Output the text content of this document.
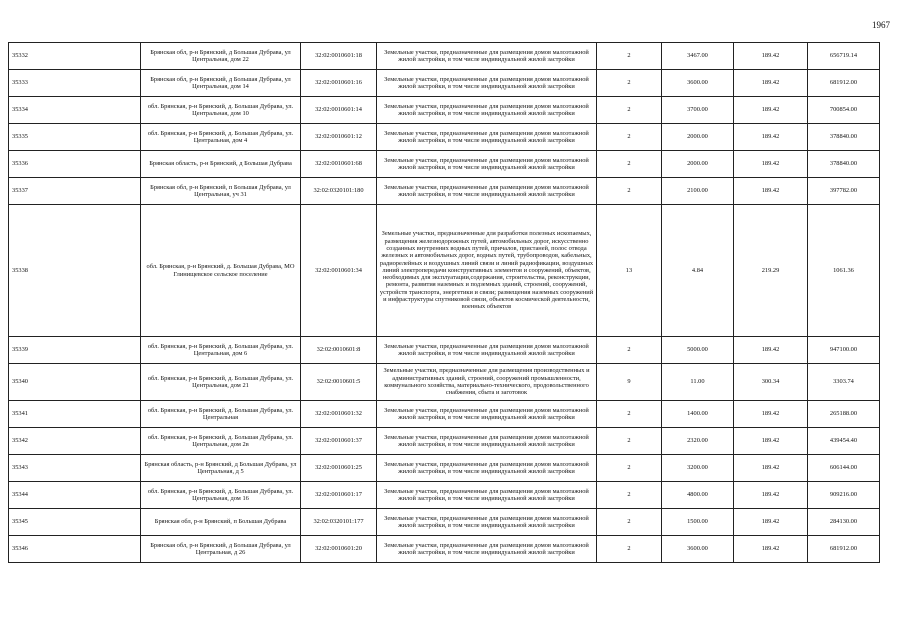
1967
35332	Брянская обл, р-н Брянский, д Большая Дубрава, ул Центральная, дом 22	32:02:0010601:18	Земельные участки, предназначенные для размещения домов малоэтажной жилой застройки, в том числе индивидуальной жилой застройки	2	3467.00	189.42	656719.14
35333	Брянская обл, р-н Брянский, д Большая Дубрава, ул Центральная, дом 14	32:02:0010601:16	Земельные участки, предназначенные для размещения домов малоэтажной жилой застройки, в том числе индивидуальной жилой застройки	2	3600.00	189.42	681912.00
35334	обл. Брянская, р-н Брянский, д. Большая Дубрава, ул. Центральная, дом 10	32:02:0010601:14	Земельные участки, предназначенные для размещения домов малоэтажной жилой застройки, в том числе индивидуальной жилой застройки	2	3700.00	189.42	700854.00
35335	обл. Брянская, р-н Брянский, д. Большая Дубрава, ул. Центральная, дом 4	32:02:0010601:12	Земельные участки, предназначенные для размещения домов малоэтажной жилой застройки, в том числе индивидуальной жилой застройки	2	2000.00	189.42	378840.00
35336	Брянская область, р-н Брянский, д Большая Дубрава	32:02:0010601:68	Земельные участки, предназначенные для размещения домов малоэтажной жилой застройки, в том числе индивидуальной жилой застройки	2	2000.00	189.42	378840.00
35337	Брянская обл, р-н Брянский, п Большая Дубрава, ул Центральная, уч 31	32:02:0320101:180	Земельные участки, предназначенные для размещения домов малоэтажной жилой застройки, в том числе индивидуальной жилой застройки	2	2100.00	189.42	397782.00
35338	обл. Брянская, р-н Брянский, д. Большая Дубрава, МО Глинищевское сельское поселение	32:02:0010601:34	Земельные участки, предназначенные для разработки полезных ископаемых, размещения железнодорожных путей, автомобильных дорог, искусственно созданных внутренних водных путей, причалов, пристаней, полос отвода железных и автомобильных дорог, водных путей, трубопроводов, кабельных, радиорелейных и воздушных линий связи и линий радиофикации, воздушных линий электропередачи конструктивных элементов и сооружений, объектов, необходимых для эксплуатации,содержания, строительства, реконструкции, ремонта, развития наземных и подземных зданий, строений, сооружений, устройств транспорта, энергетики и связи; размещения наземных сооружений и инфраструктуры спутниковой связи, объектов космической деятельности, военных объектов	13	4.84	219.29	1061.36
35339	обл. Брянская, р-н Брянский, д. Большая Дубрава, ул. Центральная, дом 6	32:02:0010601:8	Земельные участки, предназначенные для размещения домов малоэтажной жилой застройки, в том числе индивидуальной жилой застройки	2	5000.00	189.42	947100.00
35340	обл. Брянская, р-н Брянский, д. Большая Дубрава, ул. Центральная, дом 21	32:02:0010601:5	Земельные участки, предназначенные для размещения производственных и административных зданий, строений, сооружений промышленности, коммунального хозяйства, материально-технического, продовольственного снабжения, сбыта и заготовок	9	11.00	300.34	3303.74
35341	обл. Брянская, р-н Брянский, д. Большая Дубрава, ул. Центральная	32:02:0010601:32	Земельные участки, предназначенные для размещения домов малоэтажной жилой застройки, в том числе индивидуальной жилой застройки	2	1400.00	189.42	265188.00
35342	обл. Брянская, р-н Брянский, д. Большая Дубрава, ул. Центральная, дом 2в	32:02:0010601:37	Земельные участки, предназначенные для размещения домов малоэтажной жилой застройки, в том числе индивидуальной жилой застройки	2	2320.00	189.42	439454.40
35343	Брянская область, р-н Брянский, д Большая Дубрава, ул Центральная, д 5	32:02:0010601:25	Земельные участки, предназначенные для размещения домов малоэтажной жилой застройки, в том числе индивидуальной жилой застройки	2	3200.00	189.42	606144.00
35344	обл. Брянская, р-н Брянский, д. Большая Дубрава, ул. Центральная, дом 16	32:02:0010601:17	Земельные участки, предназначенные для размещения домов малоэтажной жилой застройки, в том числе индивидуальной жилой застройки	2	4800.00	189.42	909216.00
35345	Брянская обл, р-н Брянский, п Большая Дубрава	32:02:0320101:177	Земельные участки, предназначенные для размещения домов малоэтажной жилой застройки, в том числе индивидуальной жилой застройки	2	1500.00	189.42	284130.00
35346	Брянская обл, р-н Брянский, д Большая Дубрава, ул Центральная, д 26	32:02:0010601:20	Земельные участки, предназначенные для размещения домов малоэтажной жилой застройки, в том числе индивидуальной жилой застройки	2	3600.00	189.42	681912.00
